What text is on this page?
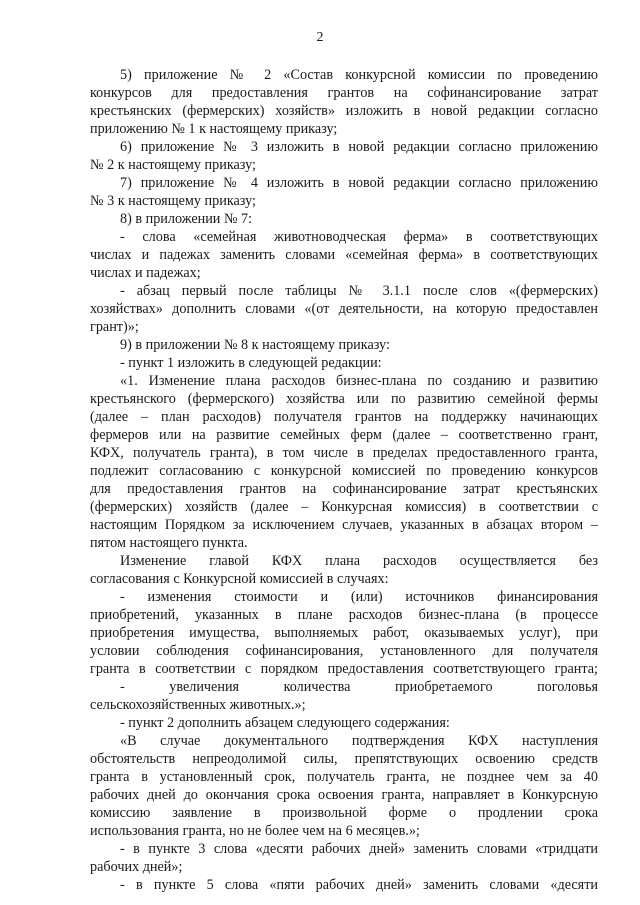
2
5) приложение № 2 «Состав конкурсной комиссии по проведению
конкурсов для предоставления грантов на софинансирование затрат
крестьянских (фермерских) хозяйств» изложить в новой редакции согласно
приложению № 1 к настоящему приказу;
6) приложение № 3 изложить в новой редакции согласно приложению
№ 2 к настоящему приказу;
7) приложение № 4 изложить в новой редакции согласно приложению
№ 3 к настоящему приказу;
8) в приложении № 7:
- слова «семейная животноводческая ферма» в соответствующих
числах и падежах заменить словами «семейная ферма» в соответствующих
числах и падежах;
- абзац первый после таблицы № 3.1.1 после слов «(фермерских)
хозяйствах» дополнить словами «(от деятельности, на которую предоставлен
грант)»;
9) в приложении № 8 к настоящему приказу:
- пункт 1 изложить в следующей редакции:
«1. Изменение плана расходов бизнес-плана по созданию и развитию
крестьянского (фермерского) хозяйства или по развитию семейной фермы
(далее – план расходов) получателя грантов на поддержку начинающих
фермеров или на развитие семейных ферм (далее – соответственно грант,
КФХ, получатель гранта), в том числе в пределах предоставленного гранта,
подлежит согласованию с конкурсной комиссией по проведению конкурсов
для предоставления грантов на софинансирование затрат крестьянских
(фермерских) хозяйств (далее – Конкурсная комиссия) в соответствии с
настоящим Порядком за исключением случаев, указанных в абзацах втором –
пятом настоящего пункта.
Изменение главой КФХ плана расходов осуществляется без
согласования с Конкурсной комиссией в случаях:
- изменения стоимости и (или) источников финансирования
приобретений, указанных в плане расходов бизнес-плана (в процессе
приобретения имущества, выполняемых работ, оказываемых услуг), при
условии соблюдения софинансирования, установленного для получателя
гранта в соответствии с порядком предоставления соответствующего гранта;
- увеличения количества приобретаемого поголовья
сельскохозяйственных животных.»;
- пункт 2 дополнить абзацем следующего содержания:
«В случае документального подтверждения КФХ наступления
обстоятельств непреодолимой силы, препятствующих освоению средств
гранта в установленный срок, получатель гранта, не позднее чем за 40
рабочих дней до окончания срока освоения гранта, направляет в Конкурсную
комиссию заявление в произвольной форме о продлении срока
использования гранта, но не более чем на 6 месяцев.»;
- в пункте 3 слова «десяти рабочих дней» заменить словами «тридцати
рабочих дней»;
- в пункте 5 слова «пяти рабочих дней» заменить словами «десяти
